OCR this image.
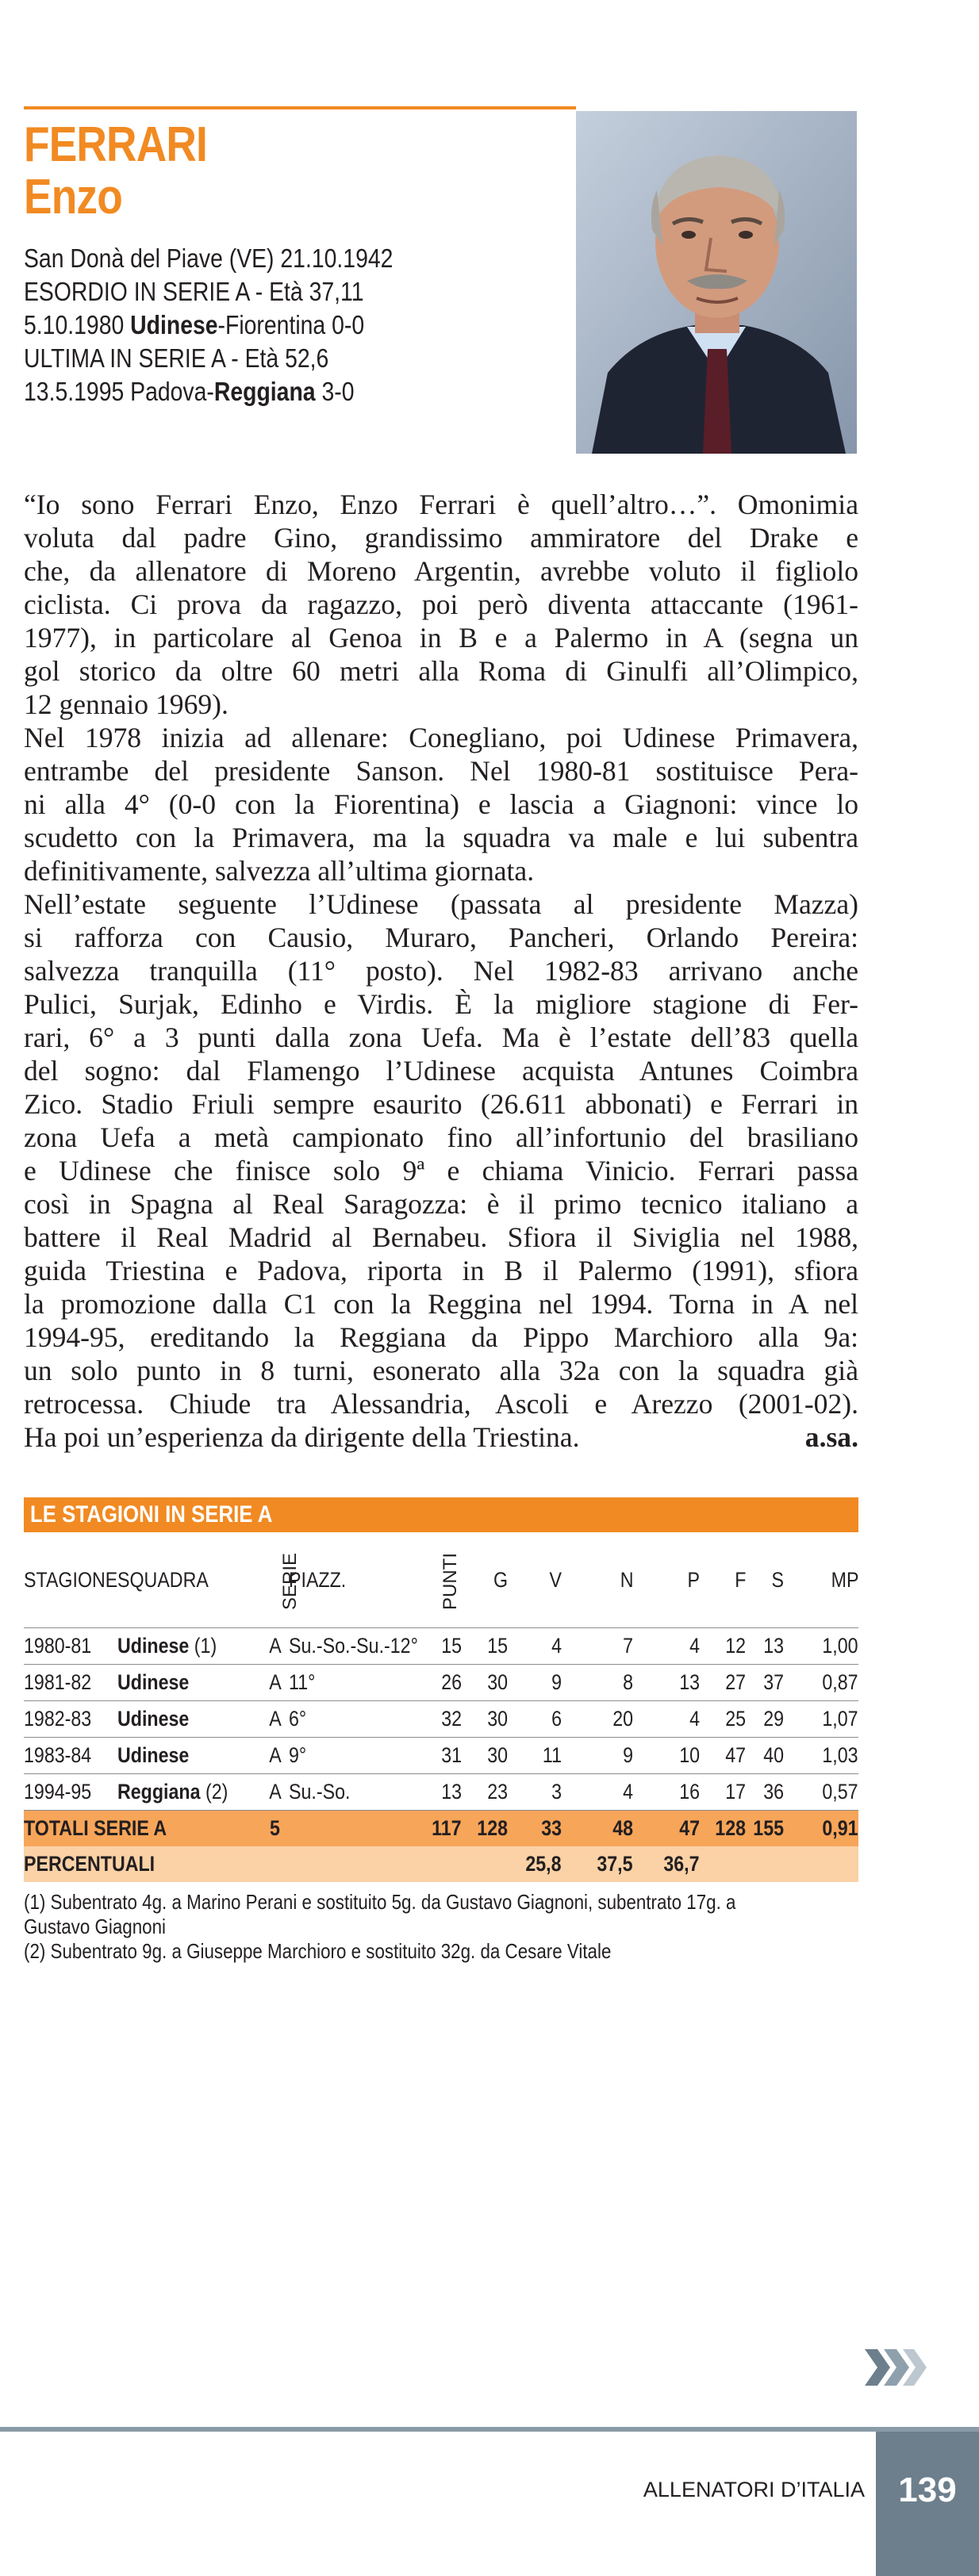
FERRARI
Enzo
San Donà del Piave (VE) 21.10.1942
ESORDIO IN SERIE A - Età 37,11
5.10.1980 Udinese-Fiorentina 0-0
ULTIMA IN SERIE A - Età 52,6
13.5.1995 Padova-Reggiana 3-0
“Io sono Ferrari Enzo, Enzo Ferrari è quell’altro…”. Omonimia
voluta dal padre Gino, grandissimo ammiratore del Drake e
che, da allenatore di Moreno Argentin, avrebbe voluto il figliolo
ciclista. Ci prova da ragazzo, poi però diventa attaccante (1961-
1977), in particolare al Genoa in B e a Palermo in A (segna un
gol storico da oltre 60 metri alla Roma di Ginulfi all’Olimpico,
12 gennaio 1969).
Nel 1978 inizia ad allenare: Conegliano, poi Udinese Primavera,
entrambe del presidente Sanson. Nel 1980-81 sostituisce Pera-
ni alla 4° (0-0 con la Fiorentina) e lascia a Giagnoni: vince lo
scudetto con la Primavera, ma la squadra va male e lui subentra
definitivamente, salvezza all’ultima giornata.
Nell’estate seguente l’Udinese (passata al presidente Mazza)
si rafforza con Causio, Muraro, Pancheri, Orlando Pereira:
salvezza tranquilla (11° posto). Nel 1982-83 arrivano anche
Pulici, Surjak, Edinho e Virdis. È la migliore stagione di Fer-
rari, 6° a 3 punti dalla zona Uefa. Ma è l’estate dell’83 quella
del sogno: dal Flamengo l’Udinese acquista Antunes Coimbra
Zico. Stadio Friuli sempre esaurito (26.611 abbonati) e Ferrari in
zona Uefa a metà campionato fino all’infortunio del brasiliano
e Udinese che finisce solo 9ª e chiama Vinicio. Ferrari passa
così in Spagna al Real Saragozza: è il primo tecnico italiano a
battere il Real Madrid al Bernabeu. Sfiora il Siviglia nel 1988,
guida Triestina e Padova, riporta in B il Palermo (1991), sfiora
la promozione dalla C1 con la Reggina nel 1994. Torna in A nel
1994-95, ereditando la Reggiana da Pippo Marchioro alla 9a:
un solo punto in 8 turni, esonerato alla 32a con la squadra già
retrocessa. Chiude tra Alessandria, Ascoli e Arezzo (2001-02).
Ha poi un’esperienza da dirigente della Triestina.	a.sa.
LE STAGIONI IN SERIE A
STAGIONE	SQUADRA	SERIE	PIAZZ.	PUNTI	G	V	N	P	F	S	MP
1980-81	Udinese (1)	A	Su.-So.-Su.-12°	15	15	4	7	4	12	13	1,00
1981-82	Udinese	A	11°	26	30	9	8	13	27	37	0,87
1982-83	Udinese	A	6°	32	30	6	20	4	25	29	1,07
1983-84	Udinese	A	9°	31	30	11	9	10	47	40	1,03
1994-95	Reggiana (2)	A	Su.-So.	13	23	3	4	16	17	36	0,57
TOTALI SERIE A		5		117	128	33	48	47	128	155	0,91
PERCENTUALI						25,8	37,5	36,7			
(1) Subentrato 4g. a Marino Perani e sostituito 5g. da Gustavo Giagnoni, subentrato 17g. a
Gustavo Giagnoni
(2) Subentrato 9g. a Giuseppe Marchioro e sostituito 32g. da Cesare Vitale
ALLENATORI D’ITALIA 139
